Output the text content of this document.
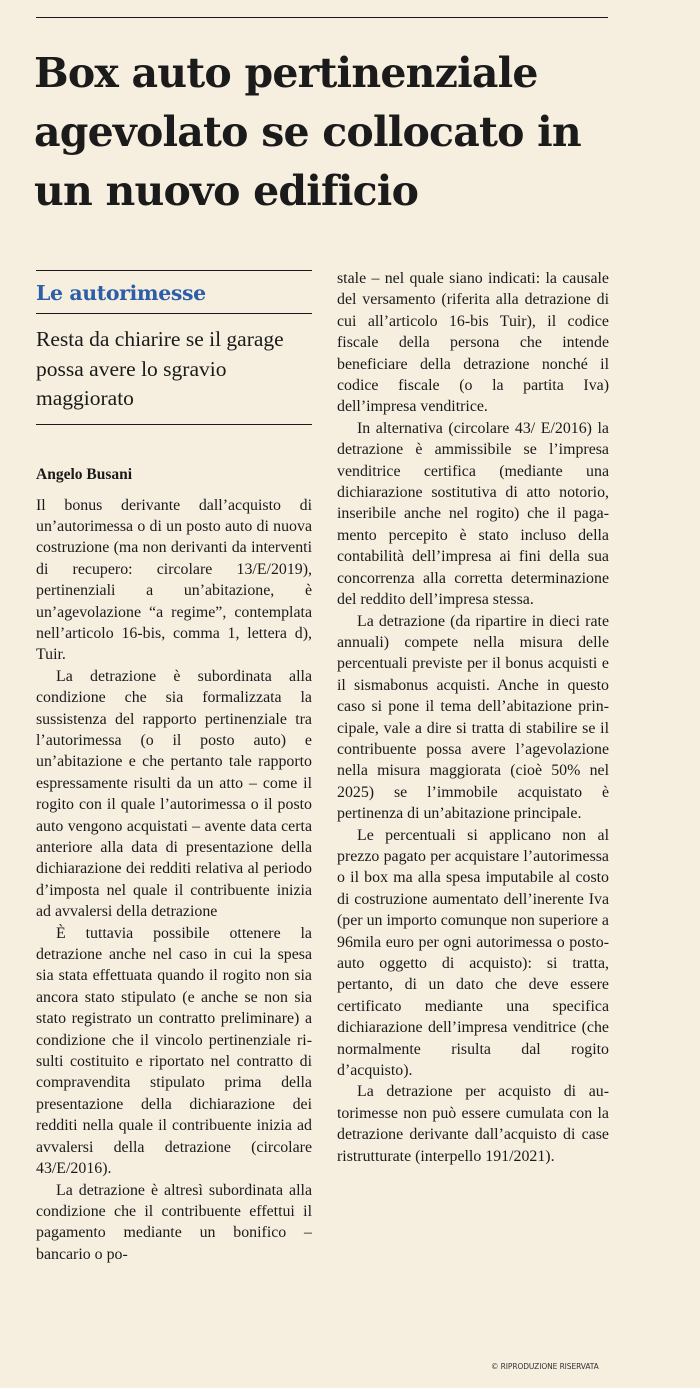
Box auto pertinenziale agevolato se collocato in un nuovo edificio
Le autorimesse
Resta da chiarire se il garage possa avere lo sgravio maggiorato
Angelo Busani

Il bonus derivante dall’acquisto di un’autorimessa o di un posto auto di nuova costruzione (ma non derivanti da interventi di recupero: circolare 13/E/2019), pertinenziali a un’abitazione, è un’agevolazione “a regime”, contemplata nell’articolo 16-bis, comma 1, lettera d), Tuir.

La detrazione è subordinata alla condizione che sia formalizzata la sussistenza del rapporto pertinenziale tra l’autorimessa (o il posto auto) e un’abitazione e che pertanto tale rapporto espressamente risulti da un atto – come il rogito con il quale l’autorimessa o il posto auto vengono acquistati – avente data certa anteriore alla data di presentazione della dichiarazione dei redditi relativa al periodo d’imposta nel quale il contribuente inizia ad avvalersi della detrazione

È tuttavia possibile ottenere la detrazione anche nel caso in cui la spesa sia stata effettuata quando il rogito non sia ancora stato stipulato (e anche se non sia stato registrato un contratto preliminare) a condizione che il vincolo pertinenziale risulti costituito e riportato nel contratto di compravendita stipulato prima della presentazione della dichiarazione dei redditi nella quale il contribuente inizia ad avvalersi della detrazione (circolare 43/E/2016).

La detrazione è altresì subordinata alla condizione che il contribuente effettui il pagamento mediante un bonifico – bancario o po-

stale – nel quale siano indicati: la causale del versamento (riferita alla detrazione di cui all’articolo 16-bis Tuir), il codice fiscale della persona che intende beneficiare della detrazione nonché il codice fiscale (o la partita Iva) dell’impresa venditrice.

In alternativa (circolare 43/ E/2016) la detrazione è ammissibile se l’impresa venditrice certifica (mediante una dichiarazione sostitutiva di atto notorio, inseribile anche nel rogito) che il pagamento percepito è stato incluso della contabilità dell’impresa ai fini della sua concorrenza alla corretta determinazione del reddito dell’impresa stessa.

La detrazione (da ripartire in dieci rate annuali) compete nella misura delle percentuali previste per il bonus acquisti e il sismabonus acquisti. Anche in questo caso si pone il tema dell’abitazione principale, vale a dire si tratta di stabilire se il contribuente possa avere l’agevolazione nella misura maggiorata (cioè 50% nel 2025) se l’immobile acquistato è pertinenza di un’abitazione principale.

Le percentuali si applicano non al prezzo pagato per acquistare l’autorimessa o il box ma alla spesa imputabile al costo di costruzione aumentato dell’inerente Iva (per un importo comunque non superiore a 96mila euro per ogni autorimessa o posto-auto oggetto di acquisto): si tratta, pertanto, di un dato che deve essere certificato mediante una specifica dichiarazione dell’impresa venditrice (che normalmente risulta dal rogito d’acquisto).

La detrazione per acquisto di autorimesse non può essere cumulata con la detrazione derivante dall’acquisto di case ristrutturate (interpello 191/2021).

© RIPRODUZIONE RISERVATA
